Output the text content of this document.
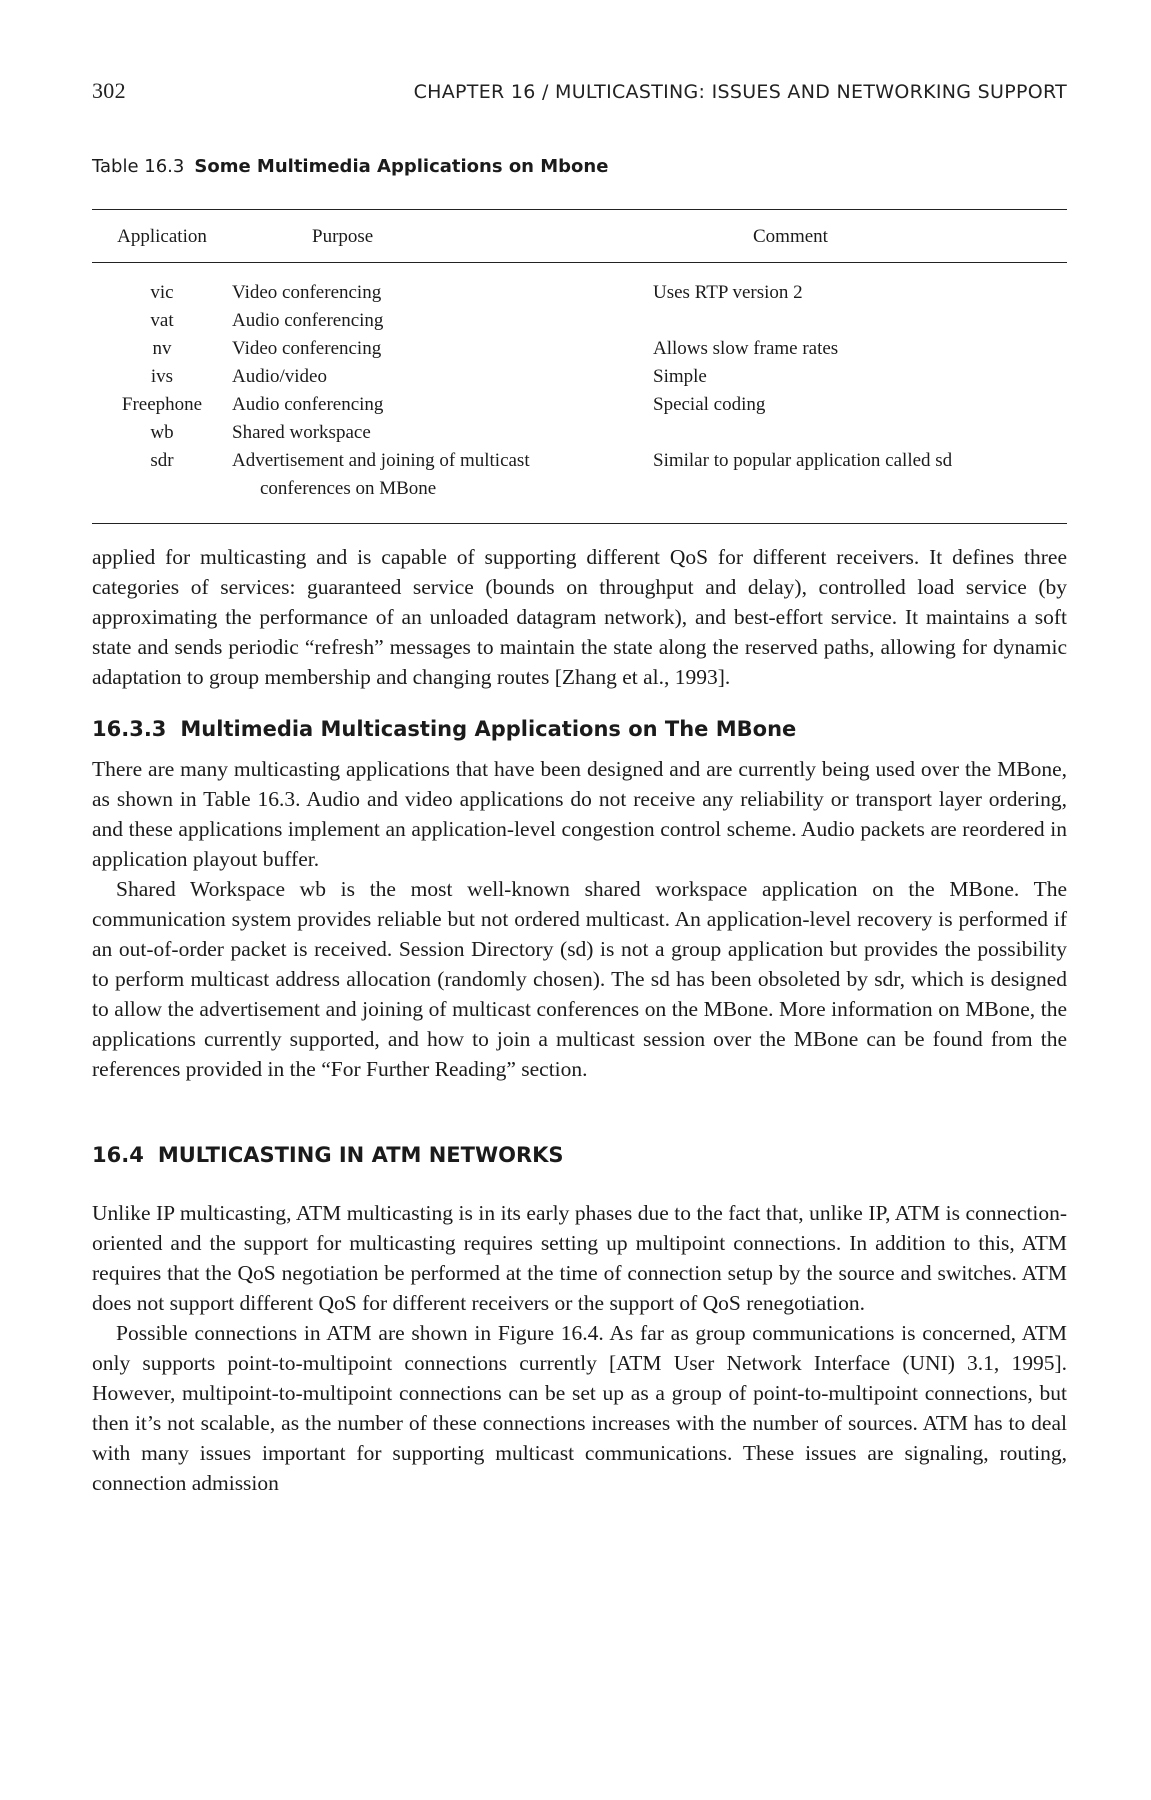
302	CHAPTER 16 / MULTICASTING: ISSUES AND NETWORKING SUPPORT
Table 16.3 Some Multimedia Applications on Mbone
Application	Purpose	Comment
vic	Video conferencing	Uses RTP version 2
vat	Audio conferencing	
nv	Video conferencing	Allows slow frame rates
ivs	Audio/video	Simple
Freephone	Audio conferencing	Special coding
wb	Shared workspace	
sdr	Advertisement and joining of multicast	Similar to popular application called sd
	conferences on MBone	

applied for multicasting and is capable of supporting different QoS for different receivers. It defines three categories of services: guaranteed service (bounds on throughput and delay), controlled load service (by approximating the performance of an unloaded datagram network), and best-effort service. It maintains a soft state and sends periodic “refresh” messages to maintain the state along the reserved paths, allowing for dynamic adaptation to group membership and changing routes [Zhang et al., 1993].

16.3.3 Multimedia Multicasting Applications on The MBone

There are many multicasting applications that have been designed and are currently being used over the MBone, as shown in Table 16.3. Audio and video applications do not receive any reliability or transport layer ordering, and these applications implement an application-level congestion control scheme. Audio packets are reordered in application playout buffer.

Shared Workspace wb is the most well-known shared workspace application on the MBone. The communication system provides reliable but not ordered multicast. An application-level recovery is performed if an out-of-order packet is received. Session Directory (sd) is not a group application but provides the possibility to perform multicast address allocation (randomly chosen). The sd has been obsoleted by sdr, which is designed to allow the advertisement and joining of multicast conferences on the MBone. More information on MBone, the applications currently supported, and how to join a multicast session over the MBone can be found from the references provided in the “For Further Reading” section.

16.4 MULTICASTING IN ATM NETWORKS

Unlike IP multicasting, ATM multicasting is in its early phases due to the fact that, unlike IP, ATM is connection-oriented and the support for multicasting requires setting up multipoint connections. In addition to this, ATM requires that the QoS negotiation be performed at the time of connection setup by the source and switches. ATM does not support different QoS for different receivers or the support of QoS renegotiation.

Possible connections in ATM are shown in Figure 16.4. As far as group communications is concerned, ATM only supports point-to-multipoint connections currently [ATM User Network Interface (UNI) 3.1, 1995]. However, multipoint-to-multipoint connections can be set up as a group of point-to-multipoint connections, but then it’s not scalable, as the number of these connections increases with the number of sources. ATM has to deal with many issues important for supporting multicast communications. These issues are signaling, routing, connection admission
